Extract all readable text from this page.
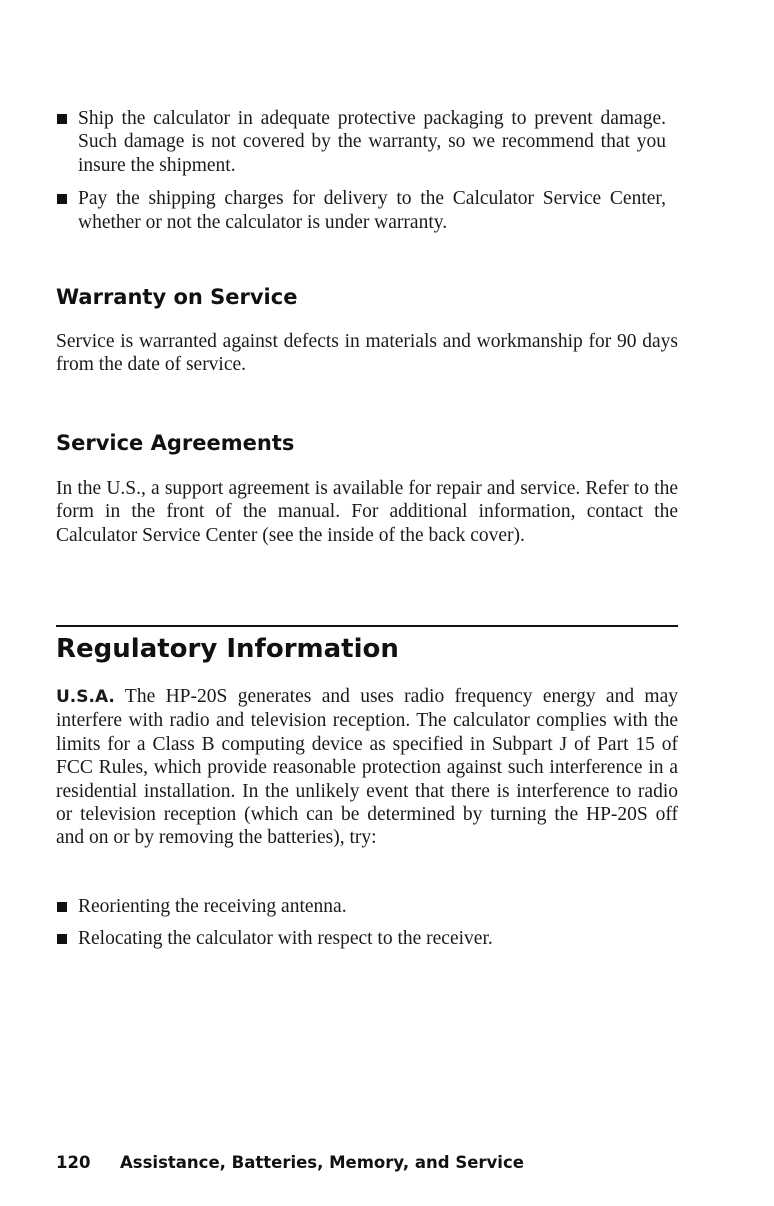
Ship the calculator in adequate protective packaging to prevent damage. Such damage is not covered by the warranty, so we recommend that you insure the shipment.
Pay the shipping charges for delivery to the Calculator Service Center, whether or not the calculator is under warranty.
Warranty on Service

Service is warranted against defects in materials and workmanship for 90 days from the date of service.

Service Agreements

In the U.S., a support agreement is available for repair and service. Refer to the form in the front of the manual. For additional information, contact the Calculator Service Center (see the inside of the back cover).

Regulatory Information

U.S.A. The HP-20S generates and uses radio frequency energy and may interfere with radio and television reception. The calculator complies with the limits for a Class B computing device as specified in Subpart J of Part 15 of FCC Rules, which provide reasonable protection against such interference in a residential installation. In the unlikely event that there is interference to radio or television reception (which can be determined by turning the HP-20S off and on or by removing the batteries), try:

Reorienting the receiving antenna.
Relocating the calculator with respect to the receiver.
120 Assistance, Batteries, Memory, and Service
